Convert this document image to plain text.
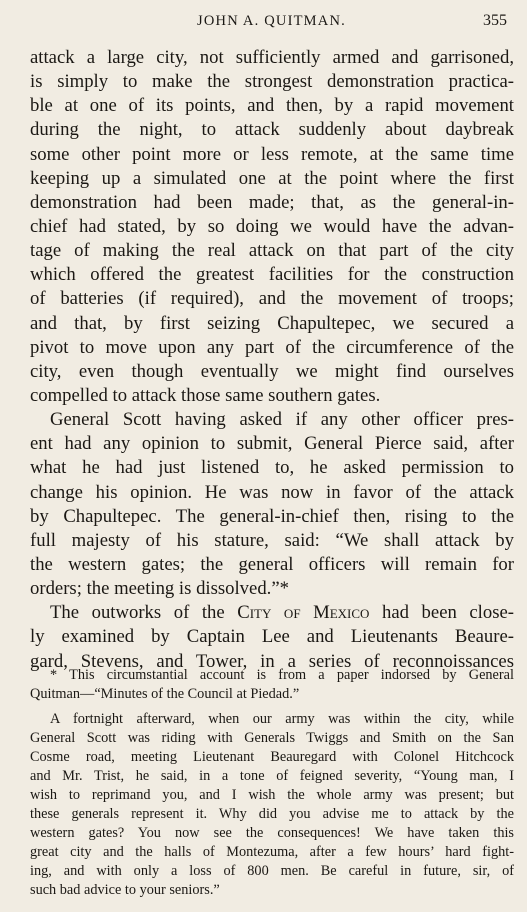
JOHN A. QUITMAN.	355
attack a large city, not sufficiently armed and garrisoned,
is simply to make the strongest demonstration practica-
ble at one of its points, and then, by a rapid movement
during the night, to attack suddenly about daybreak
some other point more or less remote, at the same time
keeping up a simulated one at the point where the first
demonstration had been made; that, as the general-in-
chief had stated, by so doing we would have the advan-
tage of making the real attack on that part of the city
which offered the greatest facilities for the construction
of batteries (if required), and the movement of troops;
and that, by first seizing Chapultepec, we secured a
pivot to move upon any part of the circumference of the
city, even though eventually we might find ourselves
compelled to attack those same southern gates.
General Scott having asked if any other officer pres-
ent had any opinion to submit, General Pierce said, after
what he had just listened to, he asked permission to
change his opinion. He was now in favor of the attack
by Chapultepec. The general-in-chief then, rising to the
full majesty of his stature, said: “We shall attack by
the western gates; the general officers will remain for
orders; the meeting is dissolved.”*
The outworks of the City of Mexico had been close-
ly examined by Captain Lee and Lieutenants Beaure-
gard, Stevens, and Tower, in a series of reconnoissances
* This circumstantial account is from a paper indorsed by General
Quitman—“Minutes of the Council at Piedad.”
A fortnight afterward, when our army was within the city, while
General Scott was riding with Generals Twiggs and Smith on the San
Cosme road, meeting Lieutenant Beauregard with Colonel Hitchcock
and Mr. Trist, he said, in a tone of feigned severity, “Young man, I
wish to reprimand you, and I wish the whole army was present; but
these generals represent it. Why did you advise me to attack by the
western gates? You now see the consequences! We have taken this
great city and the halls of Montezuma, after a few hours’ hard fight-
ing, and with only a loss of 800 men. Be careful in future, sir, of
such bad advice to your seniors.”
